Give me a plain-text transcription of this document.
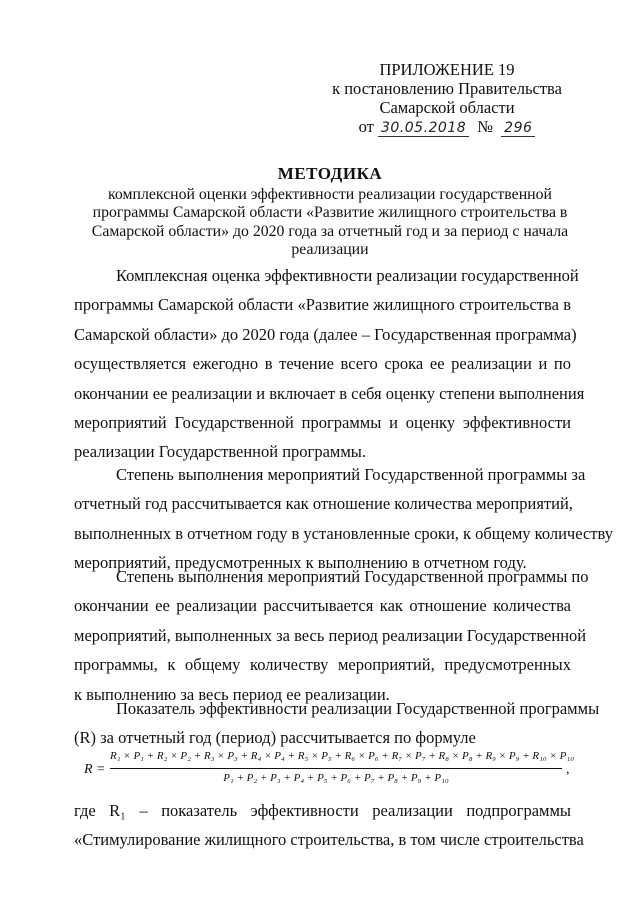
ПРИЛОЖЕНИЕ 19
к постановлению Правительства
Самарской области
от 30.05.2018 № 296
МЕТОДИКА
комплексной оценки эффективности реализации государственной
программы Самарской области «Развитие жилищного строительства в
Самарской области» до 2020 года за отчетный год и за период с начала
реализации
Комплексная оценка эффективности реализации государственной
программы Самарской области «Развитие жилищного строительства в
Самарской области» до 2020 года (далее – Государственная программа)
осуществляется ежегодно в течение всего срока ее реализации и по
окончании ее реализации и включает в себя оценку степени выполнения
мероприятий Государственной программы и оценку эффективности
реализации Государственной программы.
Степень выполнения мероприятий Государственной программы за
отчетный год рассчитывается как отношение количества мероприятий,
выполненных в отчетном году в установленные сроки, к общему количеству
мероприятий, предусмотренных к выполнению в отчетном году.
Степень выполнения мероприятий Государственной программы по
окончании ее реализации рассчитывается как отношение количества
мероприятий, выполненных за весь период реализации Государственной
программы, к общему количеству мероприятий, предусмотренных
к выполнению за весь период ее реализации.
Показатель эффективности реализации Государственной программы
(R) за отчетный год (период) рассчитывается по формуле
R =
R₁ × P₁ + R₂ × P₂ + R₃ × P₃ + R₄ × P₄ + R₅ × P₅ + R₆ × P₆ + R₇ × P₇ + R₈ × P₈ + R₉ × P₉ + R₁₀ × P₁₀
P₁ + P₂ + P₃ + P₄ + P₅ + P₆ + P₇ + P₈ + P₉ + P₁₀
,
где R₁ – показатель эффективности реализации подпрограммы
«Стимулирование жилищного строительства, в том числе строительства
